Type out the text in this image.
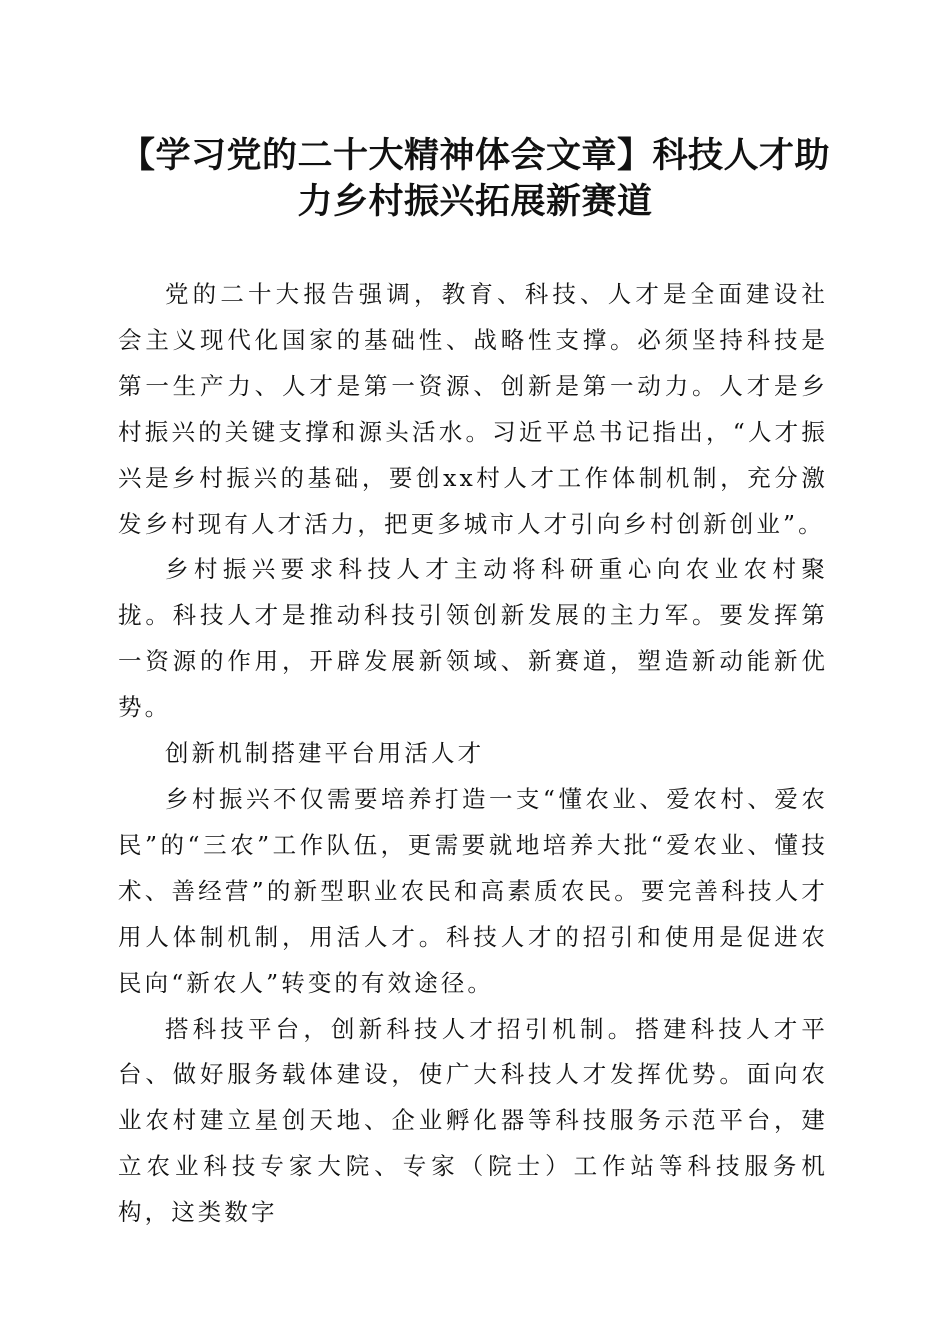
【学习党的二十大精神体会文章】科技人才助
力乡村振兴拓展新赛道

党的二十大报告强调，教育、科技、人才是全面建设社会主义现代化国家的基础性、战略性支撑。必须坚持科技是第一生产力、人才是第一资源、创新是第一动力。人才是乡村振兴的关键支撑和源头活水。习近平总书记指出，“人才振兴是乡村振兴的基础，要创xx村人才工作体制机制，充分激发乡村现有人才活力，把更多城市人才引向乡村创新创业”。

乡村振兴要求科技人才主动将科研重心向农业农村聚拢。科技人才是推动科技引领创新发展的主力军。要发挥第一资源的作用，开辟发展新领域、新赛道，塑造新动能新优势。

创新机制搭建平台用活人才

乡村振兴不仅需要培养打造一支“懂农业、爱农村、爱农民”的“三农”工作队伍，更需要就地培养大批“爱农业、懂技术、善经营”的新型职业农民和高素质农民。要完善科技人才用人体制机制，用活人才。科技人才的招引和使用是促进农民向“新农人”转变的有效途径。

搭科技平台，创新科技人才招引机制。搭建科技人才平台、做好服务载体建设，使广大科技人才发挥优势。面向农业农村建立星创天地、企业孵化器等科技服务示范平台，建立农业科技专家大院、专家（院士）工作站等科技服务机构，这类数字
